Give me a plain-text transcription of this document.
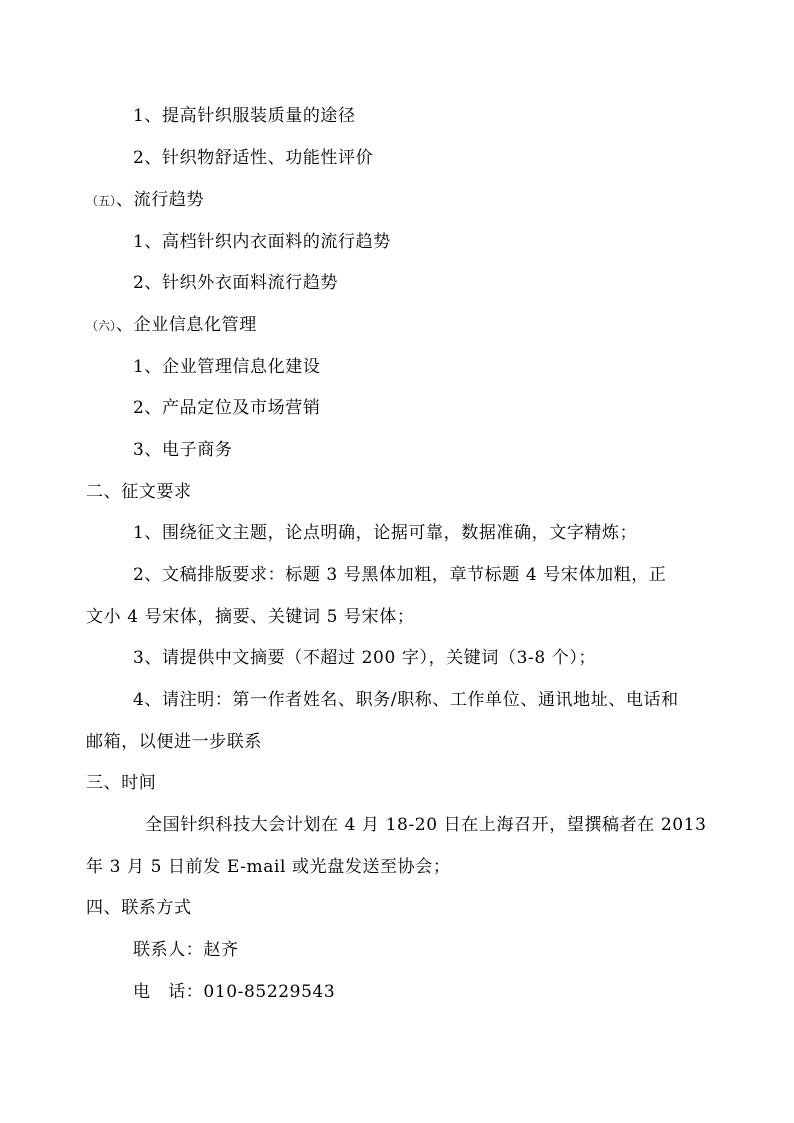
1、提高针织服装质量的途径
2、针织物舒适性、功能性评价
（五）、流行趋势
1、高档针织内衣面料的流行趋势
2、针织外衣面料流行趋势
（六）、企业信息化管理
1、企业管理信息化建设
2、产品定位及市场营销
3、电子商务
二、征文要求
1、围绕征文主题，论点明确，论据可靠，数据准确，文字精炼；
2、文稿排版要求：标题 3 号黑体加粗，章节标题 4 号宋体加粗，正
文小 4 号宋体，摘要、关键词 5 号宋体；
3、请提供中文摘要（不超过 200 字），关键词（3-8 个）；
4、请注明：第一作者姓名、职务/职称、工作单位、通讯地址、电话和
邮箱，以便进一步联系
三、时间
全国针织科技大会计划在 4 月 18-20 日在上海召开，望撰稿者在 2013
年 3 月 5 日前发 E-mail 或光盘发送至协会；
四、联系方式
联系人：赵齐
电　话：010-85229543
